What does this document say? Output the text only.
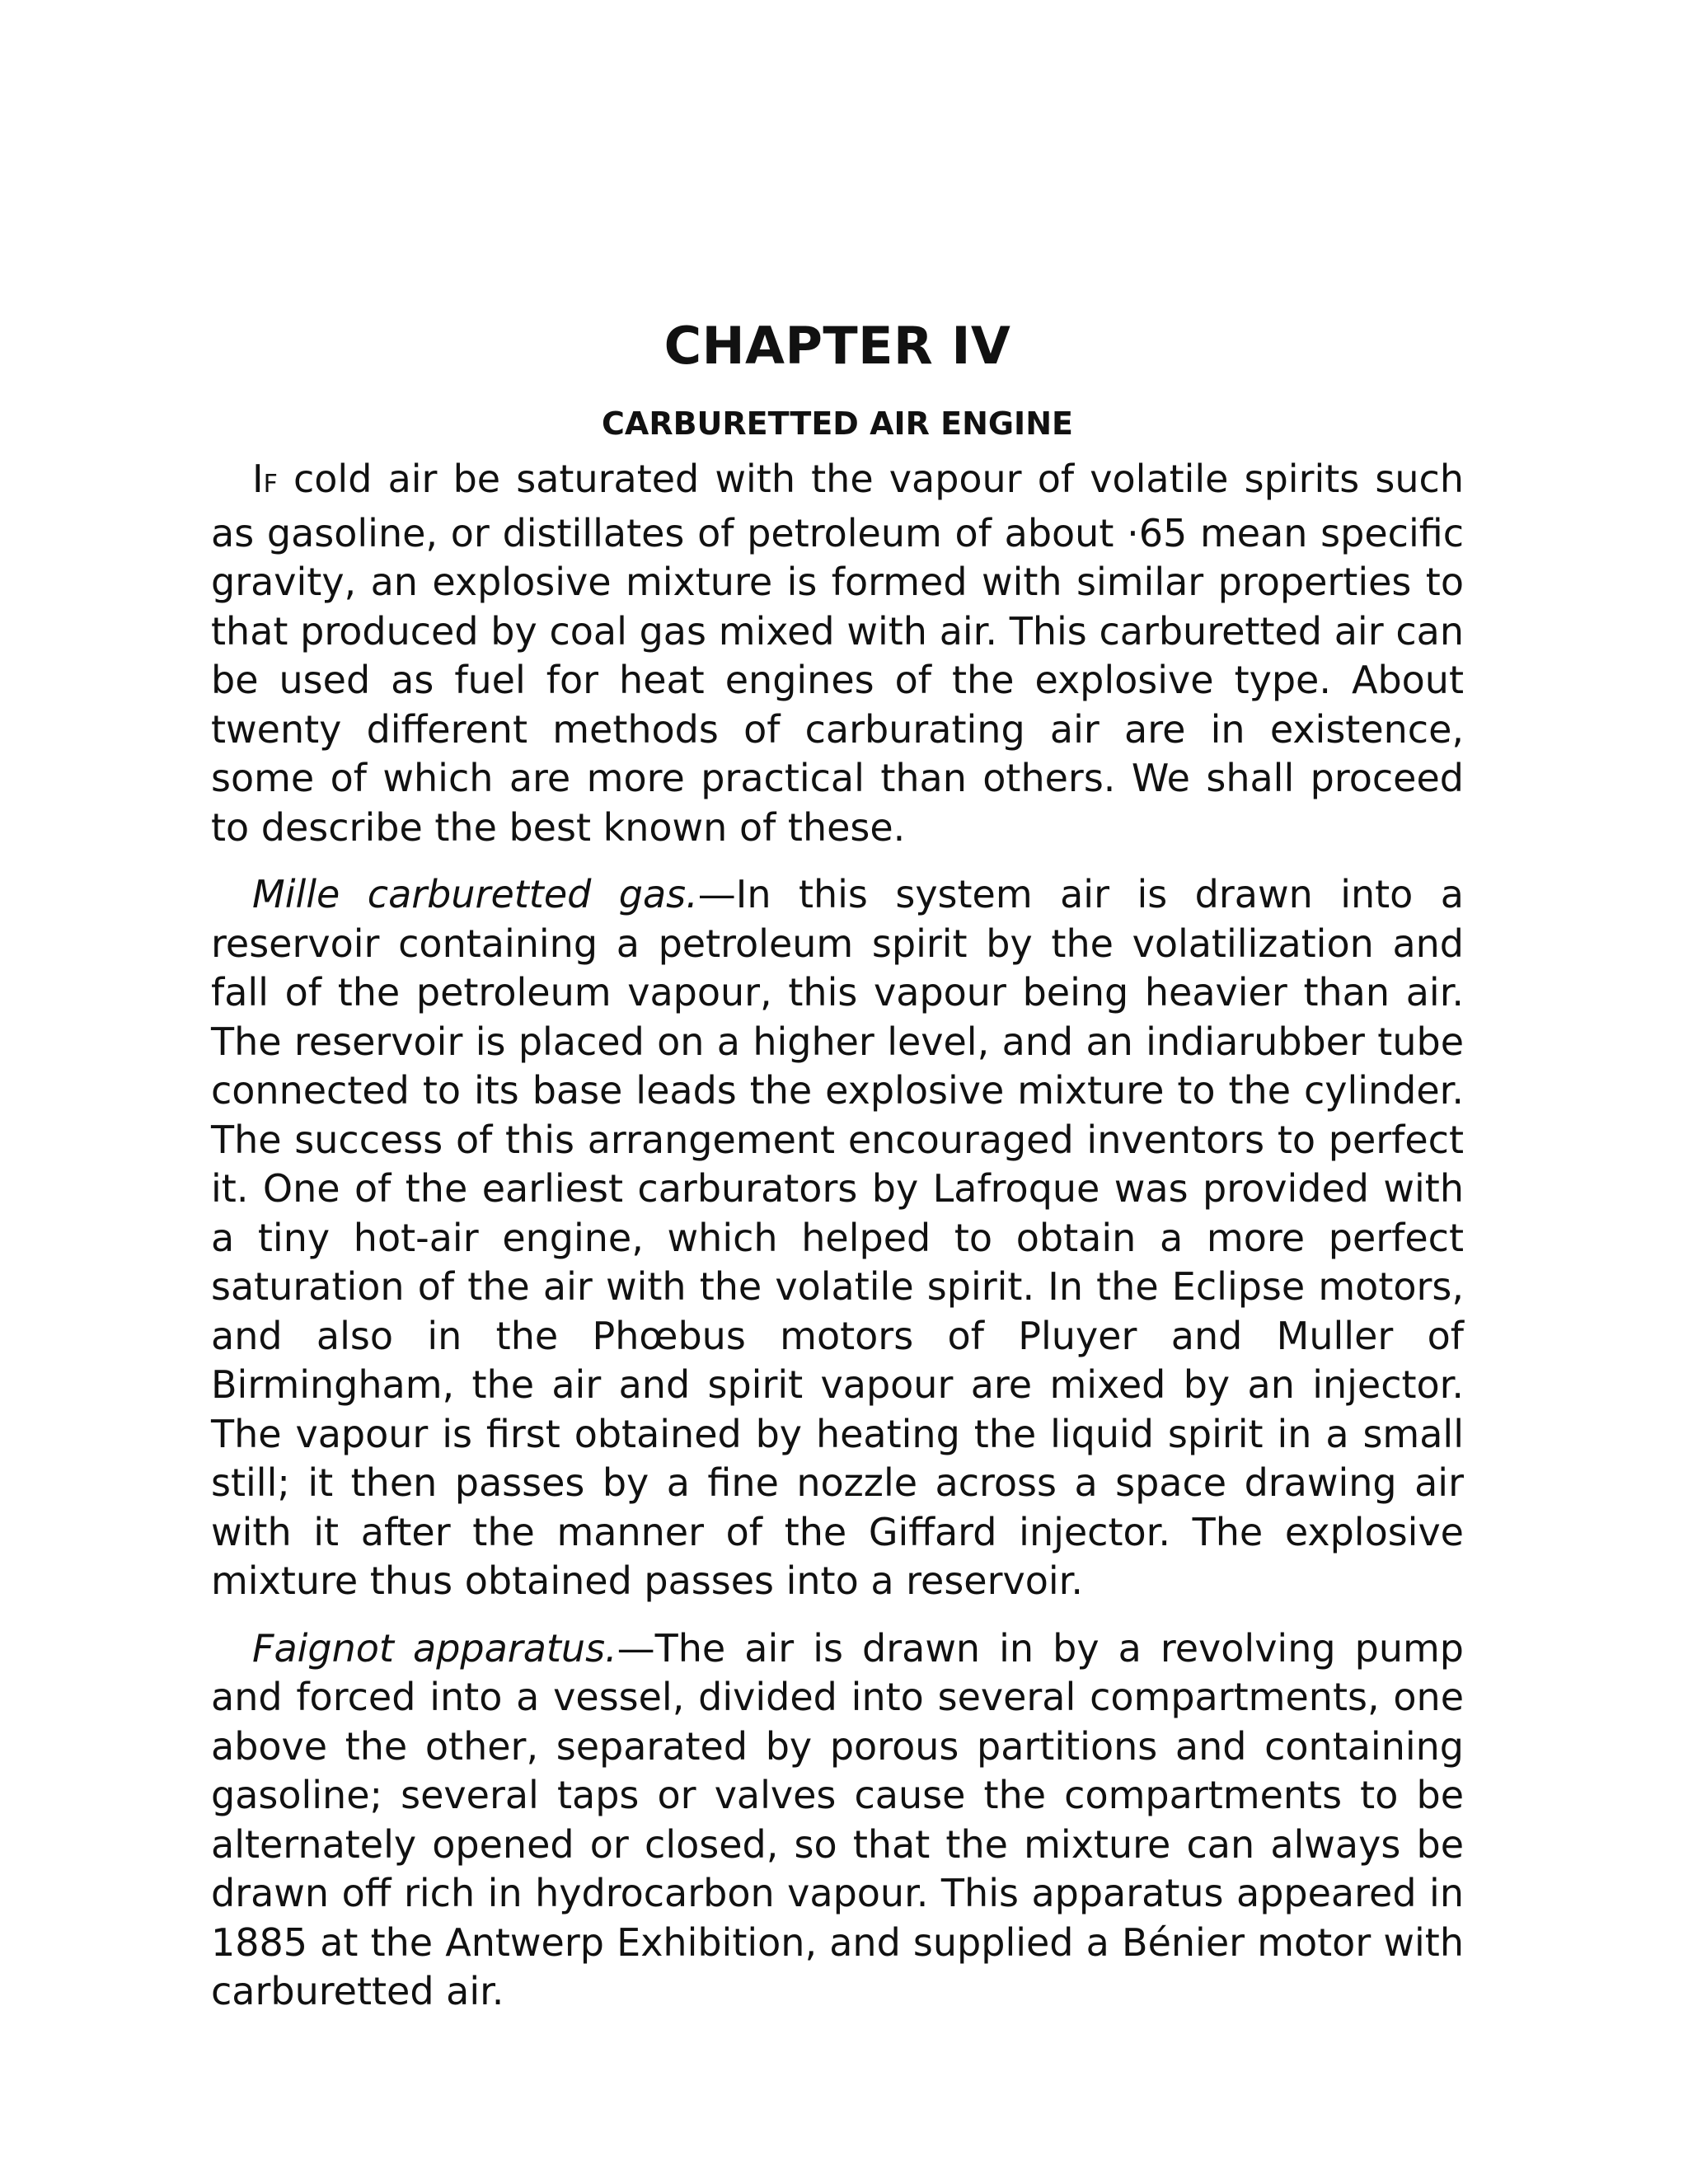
CHAPTER IV
CARBURETTED AIR ENGINE

IF cold air be saturated with the vapour of volatile spirits such as gasoline, or distillates of petroleum of about ·65 mean specific gravity, an explosive mixture is formed with similar properties to that produced by coal gas mixed with air. This carburetted air can be used as fuel for heat engines of the explosive type. About twenty different methods of carburating air are in existence, some of which are more practical than others. We shall proceed to describe the best known of these.

Mille carburetted gas.—In this system air is drawn into a reservoir containing a petroleum spirit by the volatilization and fall of the petroleum vapour, this vapour being heavier than air. The reservoir is placed on a higher level, and an indiarubber tube connected to its base leads the explosive mixture to the cylinder. The success of this arrangement encouraged inventors to perfect it. One of the earliest carburators by Lafroque was provided with a tiny hot-air engine, which helped to obtain a more perfect saturation of the air with the volatile spirit. In the Eclipse motors, and also in the Phœbus motors of Pluyer and Muller of Birmingham, the air and spirit vapour are mixed by an injector. The vapour is first obtained by heating the liquid spirit in a small still; it then passes by a fine nozzle across a space drawing air with it after the manner of the Giffard injector. The explosive mixture thus obtained passes into a reservoir.

Faignot apparatus.—The air is drawn in by a revolving pump and forced into a vessel, divided into several compartments, one above the other, separated by porous partitions and containing gasoline; several taps or valves cause the compartments to be alternately opened or closed, so that the mixture can always be drawn off rich in hydrocarbon vapour. This apparatus appeared in 1885 at the Antwerp Exhibition, and supplied a Bénier motor with carburetted air.
